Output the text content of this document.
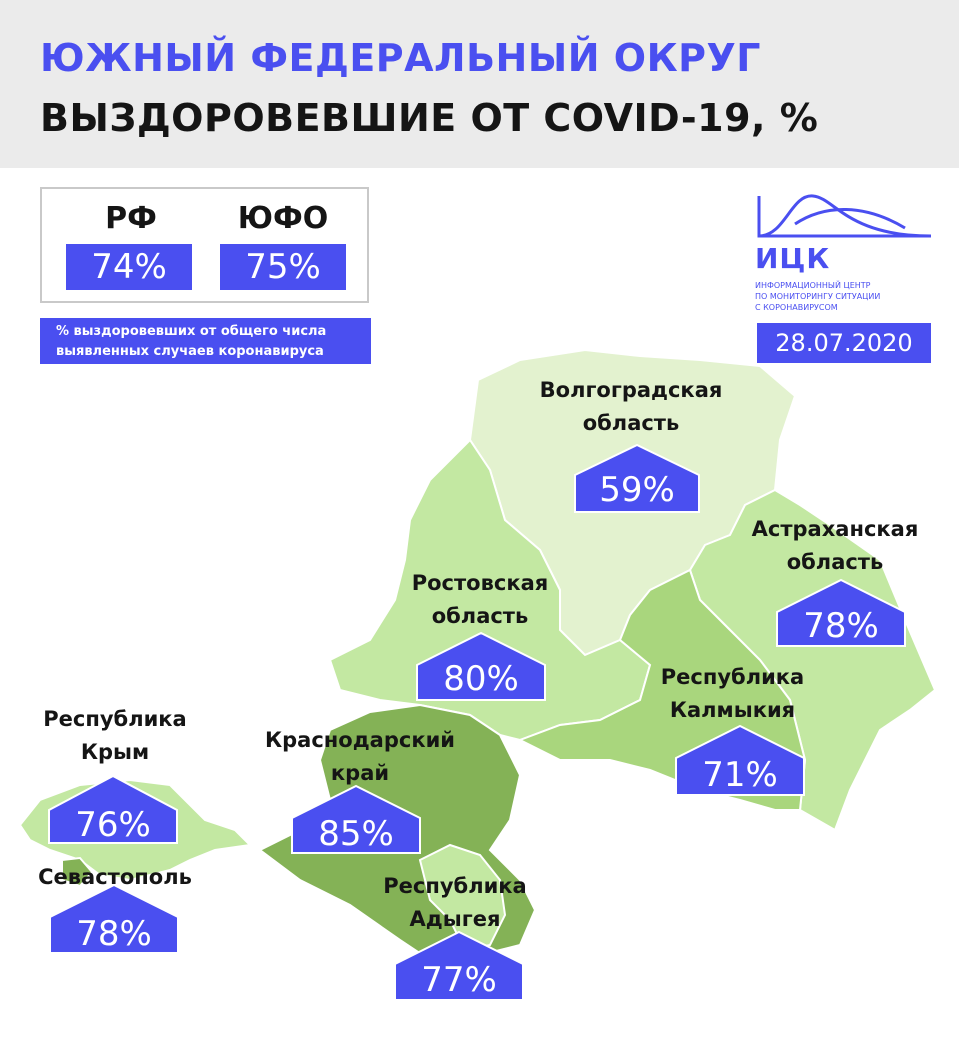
ЮЖНЫЙ ФЕДЕРАЛЬНЫЙ ОКРУГ
ВЫЗДОРОВЕВШИЕ ОТ COVID-19, %
РФ
74%
ЮФО
75%
% выздоровевших от общего числа выявленных случаев коронавируса
ИЦК
ИНФОРМАЦИОННЫЙ ЦЕНТР
ПО МОНИТОРИНГУ СИТУАЦИИ
С КОРОНАВИРУСОМ
28.07.2020
Волгоградская область
59%
Астраханская область
78%
Ростовская область
80%	Республика Калмыкия
71%
Краснодарский край
85%
Республика Адыгея
77%
Республика Крым
76%
Севастополь
78%
